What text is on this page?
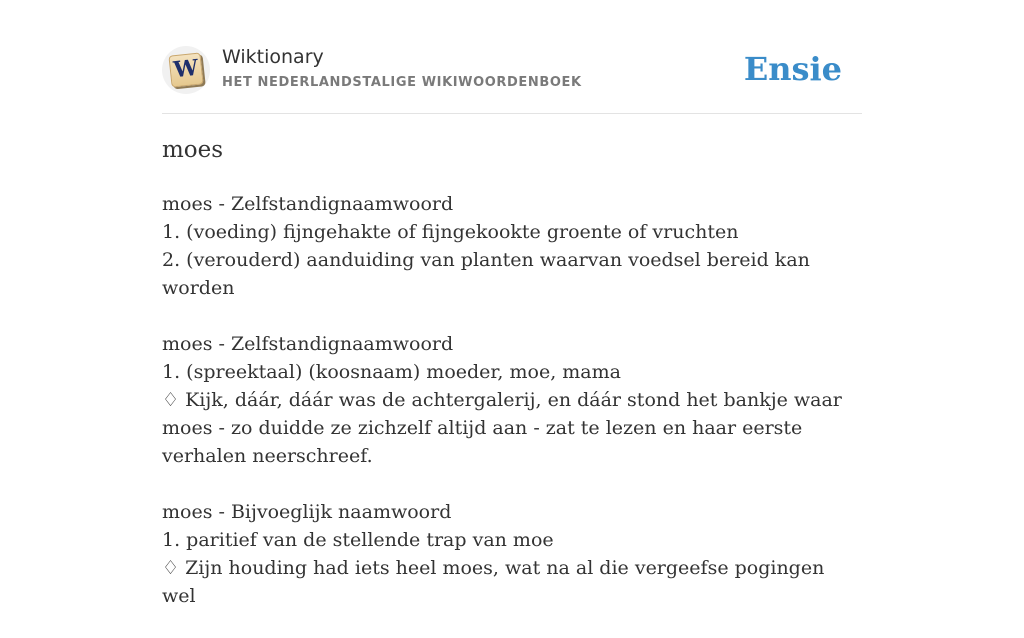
W Wiktionary
HET NEDERLANDSTALIGE WIKIWOORDENBOEK	Ensie
moes
moes - Zelfstandignaamwoord
1. (voeding) fijngehakte of fijngekookte groente of vruchten
2. (verouderd) aanduiding van planten waarvan voedsel bereid kan worden
moes - Zelfstandignaamwoord
1. (spreektaal) (koosnaam) moeder, moe, mama
♢ Kijk, dáár, dáár was de achtergalerij, en dáár stond het bankje waar moes - zo duidde ze zichzelf altijd aan - zat te lezen en haar eerste verhalen neerschreef.
moes - Bijvoeglijk naamwoord
1. paritief van de stellende trap van moe
♢ Zijn houding had iets heel moes, wat na al die vergeefse pogingen wel
